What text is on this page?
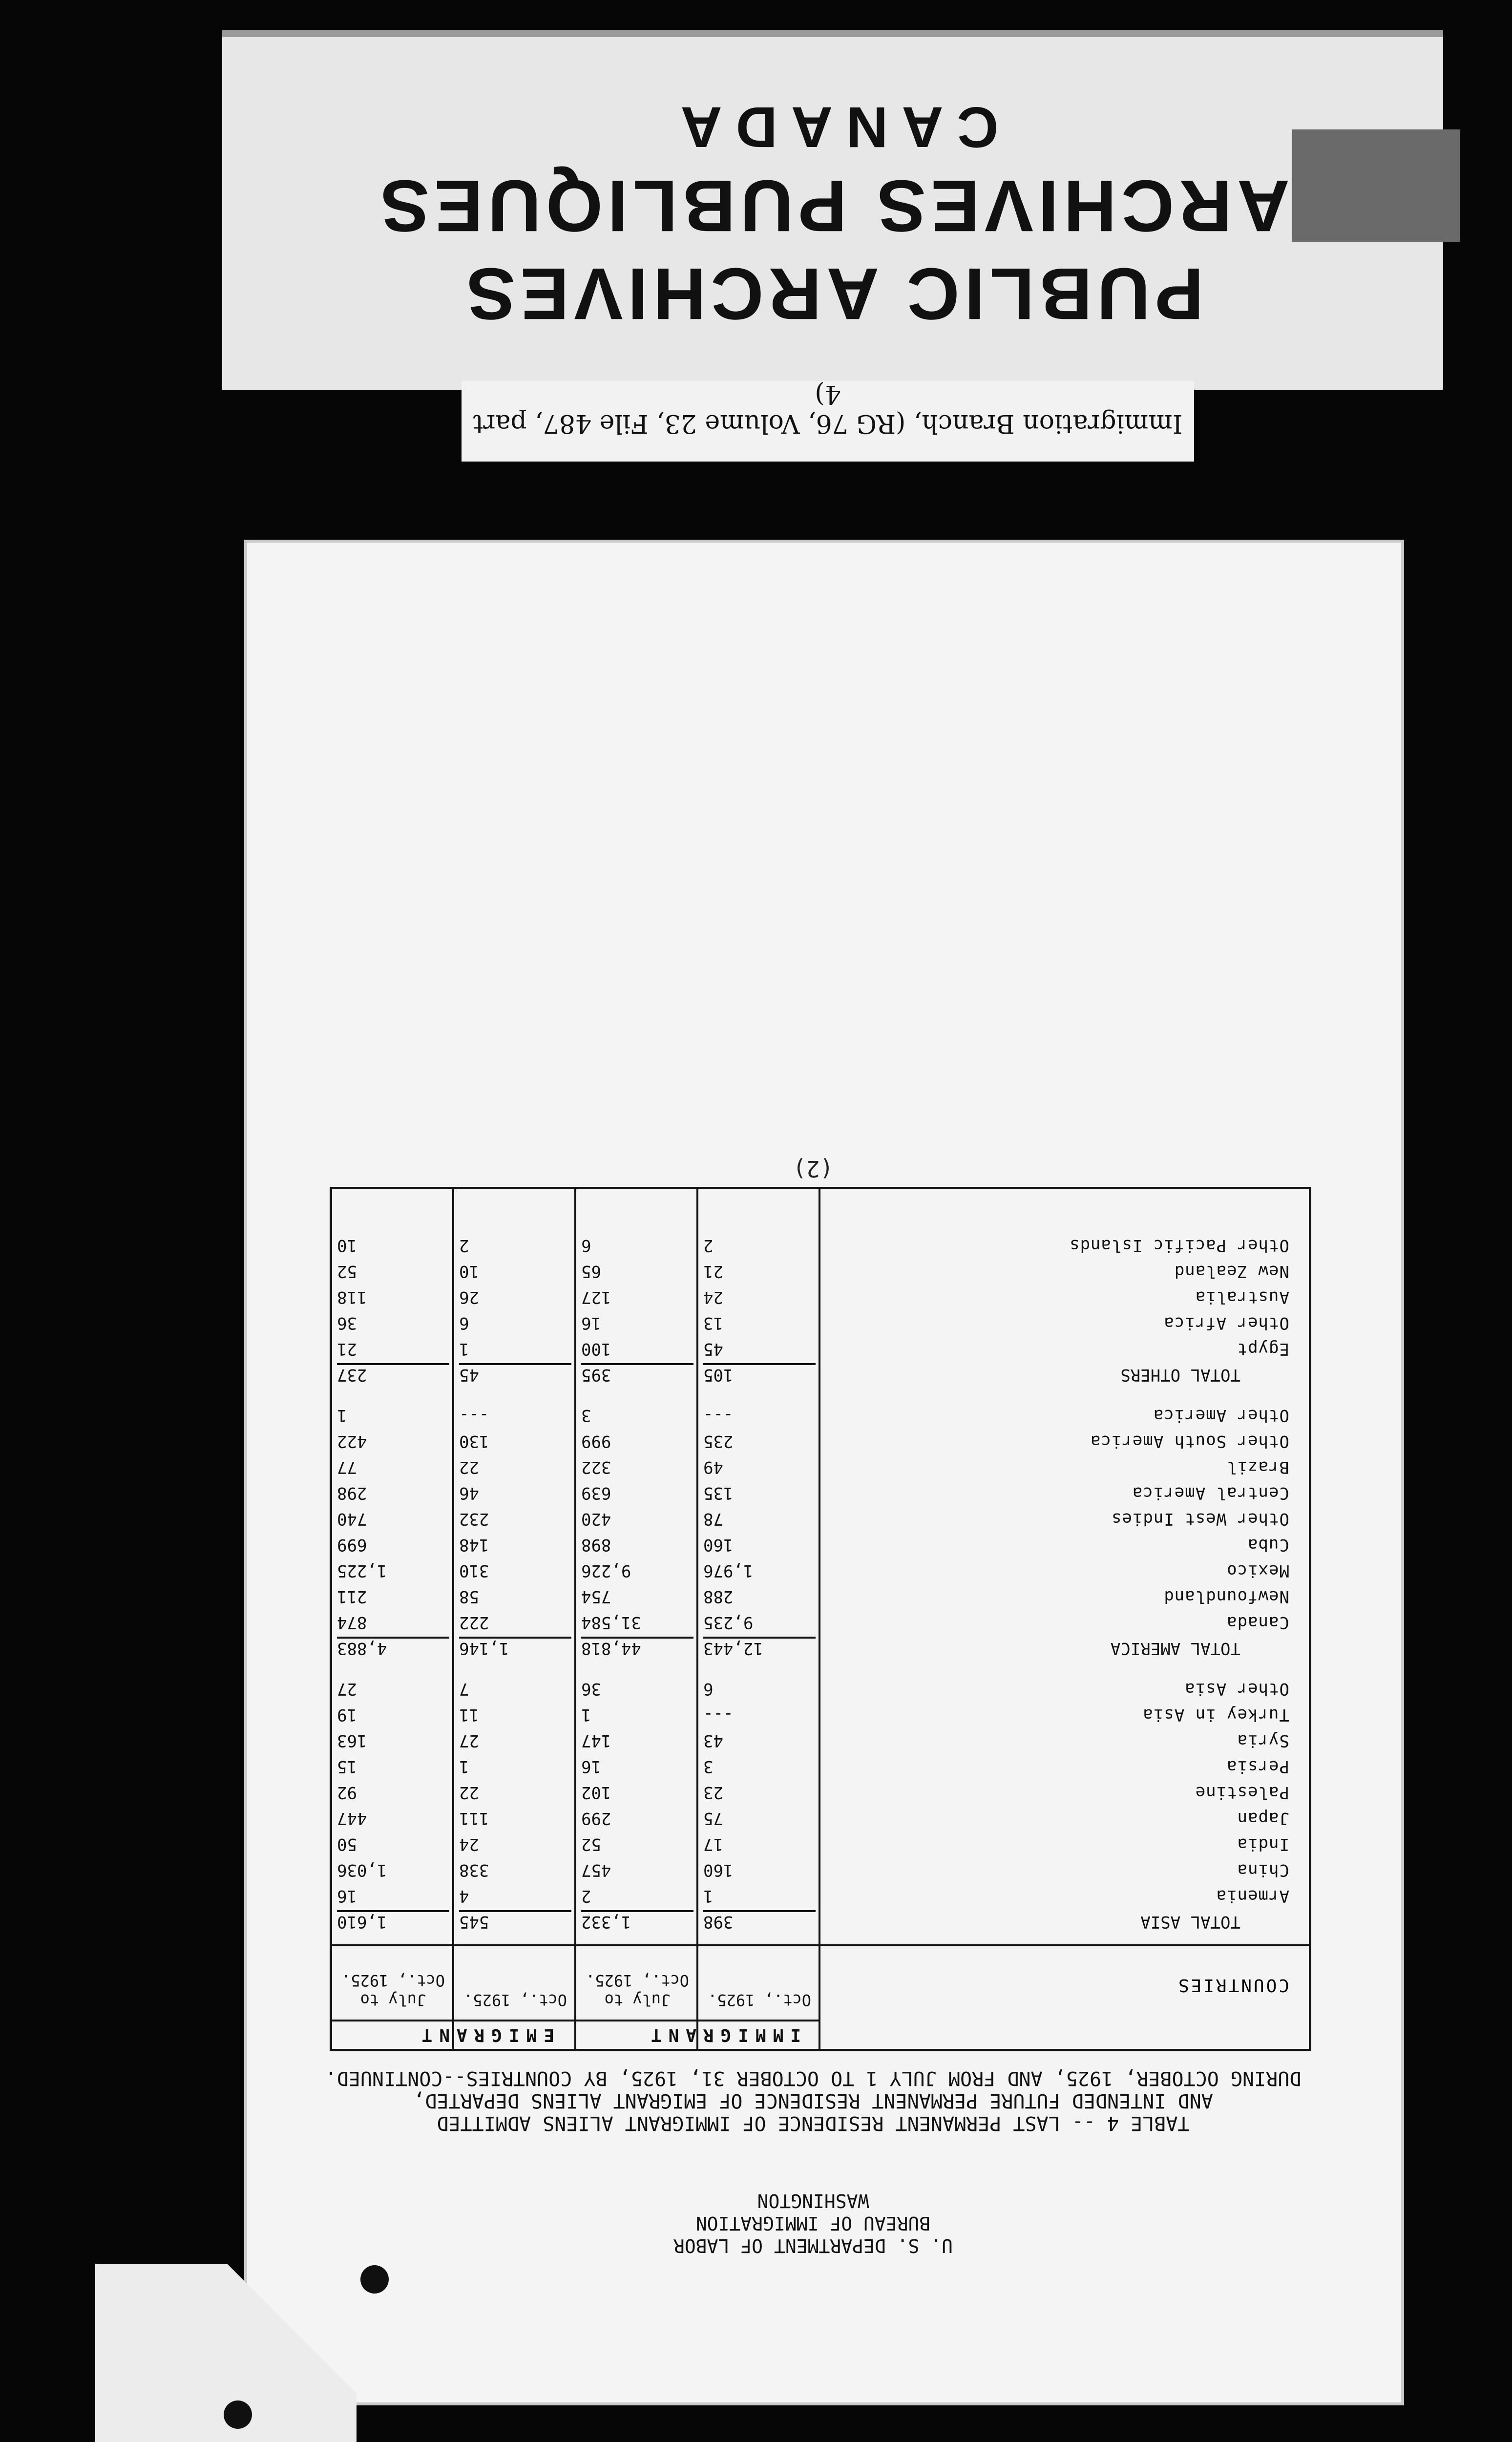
PUBLIC ARCHIVES
ARCHIVES PUBLIQUES
CANADA
Immigration Branch, (RG 76, Volume 23, File 487, part 4)
U. S. DEPARTMENT OF LABOR
BUREAU OF IMMIGRATION
WASHINGTON
TABLE 4 -- LAST PERMANENT RESIDENCE OF IMMIGRANT ALIENS ADMITTED
AND INTENDED FUTURE PERMANENT RESIDENCE OF EMIGRANT ALIENS DEPARTED,
DURING OCTOBER, 1925, AND FROM JULY 1 TO OCTOBER 31, 1925, BY COUNTRIES--CONTINUED.
IMMIGRANT
EMIGRANT
COUNTRIES
Oct., 1925.
July to Oct., 1925.
Oct., 1925.
July to Oct., 1925.
TOTAL ASIA
398
1,332
545
1,610
Armenia
1
2
4
16
China
160
457
338
1,036
India
17
52
24
50
Japan
75
299
111
447
Palestine
23
102
22
92
Persia
3
16
1
15
Syria
43
147
27
163
Turkey in Asia
---
1
11
19
Other Asia
6
36
7
27
TOTAL AMERICA
12,443
44,818
1,146
4,883
Canada
9,235
31,584
222
874
Newfoundland
288
754
58
211
Mexico
1,976
9,226
310
1,225
Cuba
160
898
148
699
Other West Indies
78
420
232
740
Central America
135
639
46
298
Brazil
49
322
22
77
Other South America
235
999
130
422
Other America
---
3
---
1
TOTAL OTHERS
105
395
45
237
Egypt
45
100
1
21
Other Africa
13
16
6
36
Australia
24
127
26
118
New Zealand
21
65
10
52
Other Pacific Islands
2
6
2
10
(2)
